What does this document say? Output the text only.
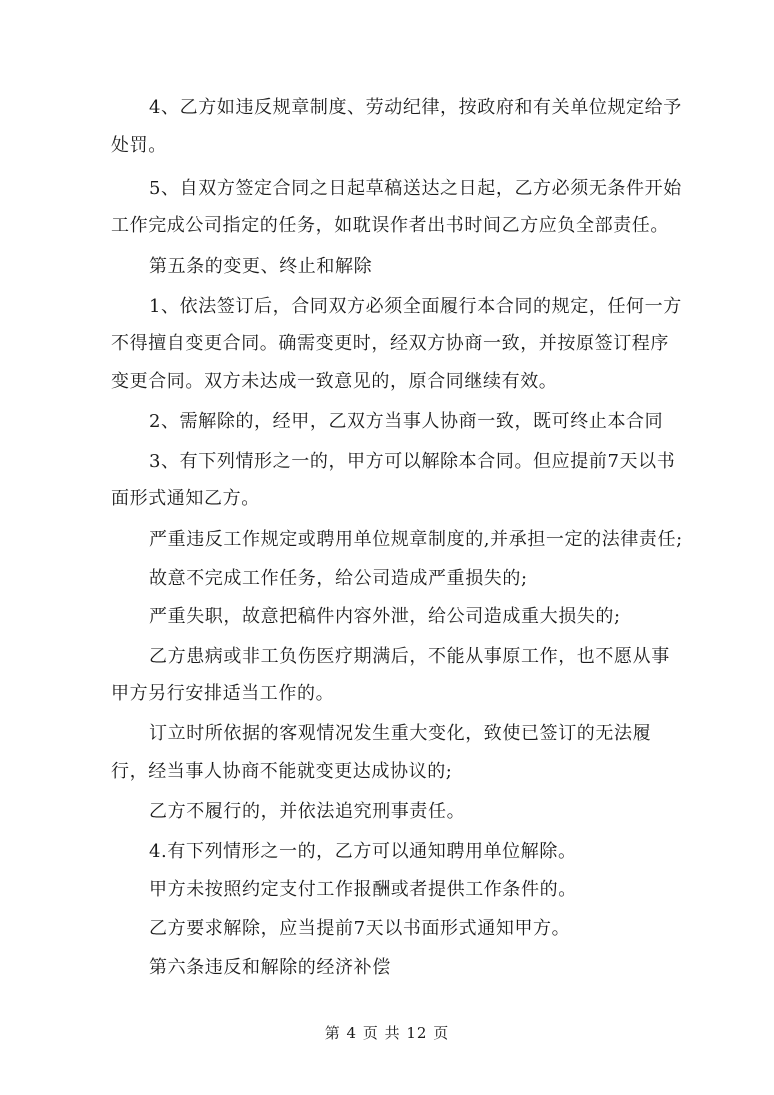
4、乙方如违反规章制度、劳动纪律，按政府和有关单位规定给予
处罚。
5、自双方签定合同之日起草稿送达之日起，乙方必须无条件开始
工作完成公司指定的任务，如耽误作者出书时间乙方应负全部责任。
第五条的变更、终止和解除
1、依法签订后，合同双方必须全面履行本合同的规定，任何一方
不得擅自变更合同。确需变更时，经双方协商一致，并按原签订程序
变更合同。双方未达成一致意见的，原合同继续有效。
2、需解除的，经甲，乙双方当事人协商一致，既可终止本合同
3、有下列情形之一的，甲方可以解除本合同。但应提前7天以书
面形式通知乙方。
严重违反工作规定或聘用单位规章制度的,并承担一定的法律责任;
故意不完成工作任务，给公司造成严重损失的;
严重失职，故意把稿件内容外泄，给公司造成重大损失的;
乙方患病或非工负伤医疗期满后，不能从事原工作，也不愿从事
甲方另行安排适当工作的。
订立时所依据的客观情况发生重大变化，致使已签订的无法履
行，经当事人协商不能就变更达成协议的;
乙方不履行的，并依法追究刑事责任。
4.有下列情形之一的，乙方可以通知聘用单位解除。
甲方未按照约定支付工作报酬或者提供工作条件的。
乙方要求解除，应当提前7天以书面形式通知甲方。
第六条违反和解除的经济补偿
第 4 页 共 12 页
